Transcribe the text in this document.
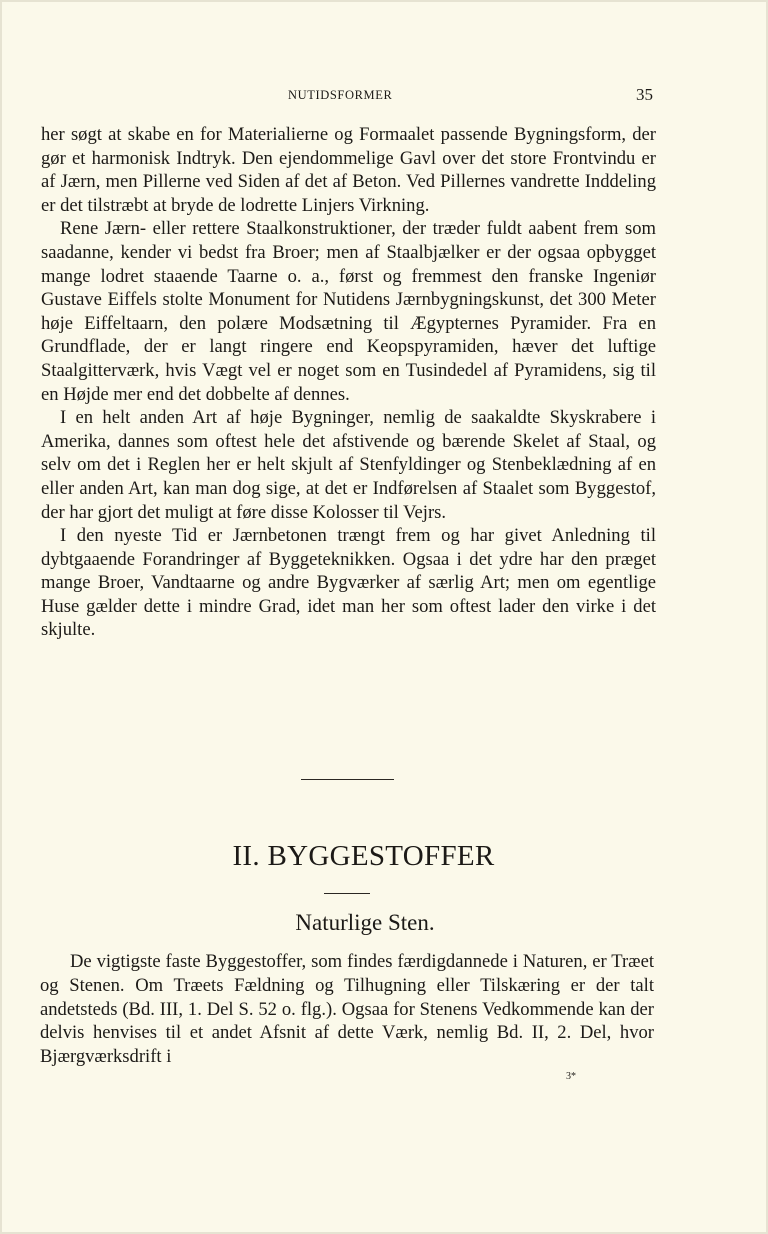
NUTIDSFORMER	35

her søgt at skabe en for Materialierne og Formaalet passende Bygningsform, der gør et harmonisk Indtryk. Den ejendommelige Gavl over det store Frontvindu er af Jærn, men Pillerne ved Siden af det af Beton. Ved Pillernes vandrette Inddeling er det tilstræbt at bryde de lodrette Linjers Virkning.

Rene Jærn- eller rettere Staalkonstruktioner, der træder fuldt aabent frem som saadanne, kender vi bedst fra Broer; men af Staalbjælker er der ogsaa opbygget mange lodret staaende Taarne o. a., først og fremmest den franske Ingeniør Gustave Eiffels stolte Monument for Nutidens Jærnbygningskunst, det 300 Meter høje Eiffeltaarn, den polære Modsætning til Ægypternes Pyramider. Fra en Grundflade, der er langt ringere end Keopspyramiden, hæver det luftige Staalgitterværk, hvis Vægt vel er noget som en Tusindedel af Pyramidens, sig til en Højde mer end det dobbelte af dennes.

I en helt anden Art af høje Bygninger, nemlig de saakaldte Skyskrabere i Amerika, dannes som oftest hele det afstivende og bærende Skelet af Staal, og selv om det i Reglen her er helt skjult af Stenfyldinger og Stenbeklædning af en eller anden Art, kan man dog sige, at det er Indførelsen af Staalet som Byggestof, der har gjort det muligt at føre disse Kolosser til Vejrs.

I den nyeste Tid er Jærnbetonen trængt frem og har givet Anledning til dybtgaaende Forandringer af Byggeteknikken. Ogsaa i det ydre har den præget mange Broer, Vandtaarne og andre Bygværker af særlig Art; men om egentlige Huse gælder dette i mindre Grad, idet man her som oftest lader den virke i det skjulte.

II. BYGGESTOFFER
Naturlige Sten.

De vigtigste faste Byggestoffer, som findes færdigdannede i Naturen, er Træet og Stenen. Om Træets Fældning og Tilhugning eller Tilskæring er der talt andetsteds (Bd. III, 1. Del S. 52 o. flg.). Ogsaa for Stenens Vedkommende kan der delvis henvises til et andet Afsnit af dette Værk, nemlig Bd. II, 2. Del, hvor Bjærgværksdrift i

3*
